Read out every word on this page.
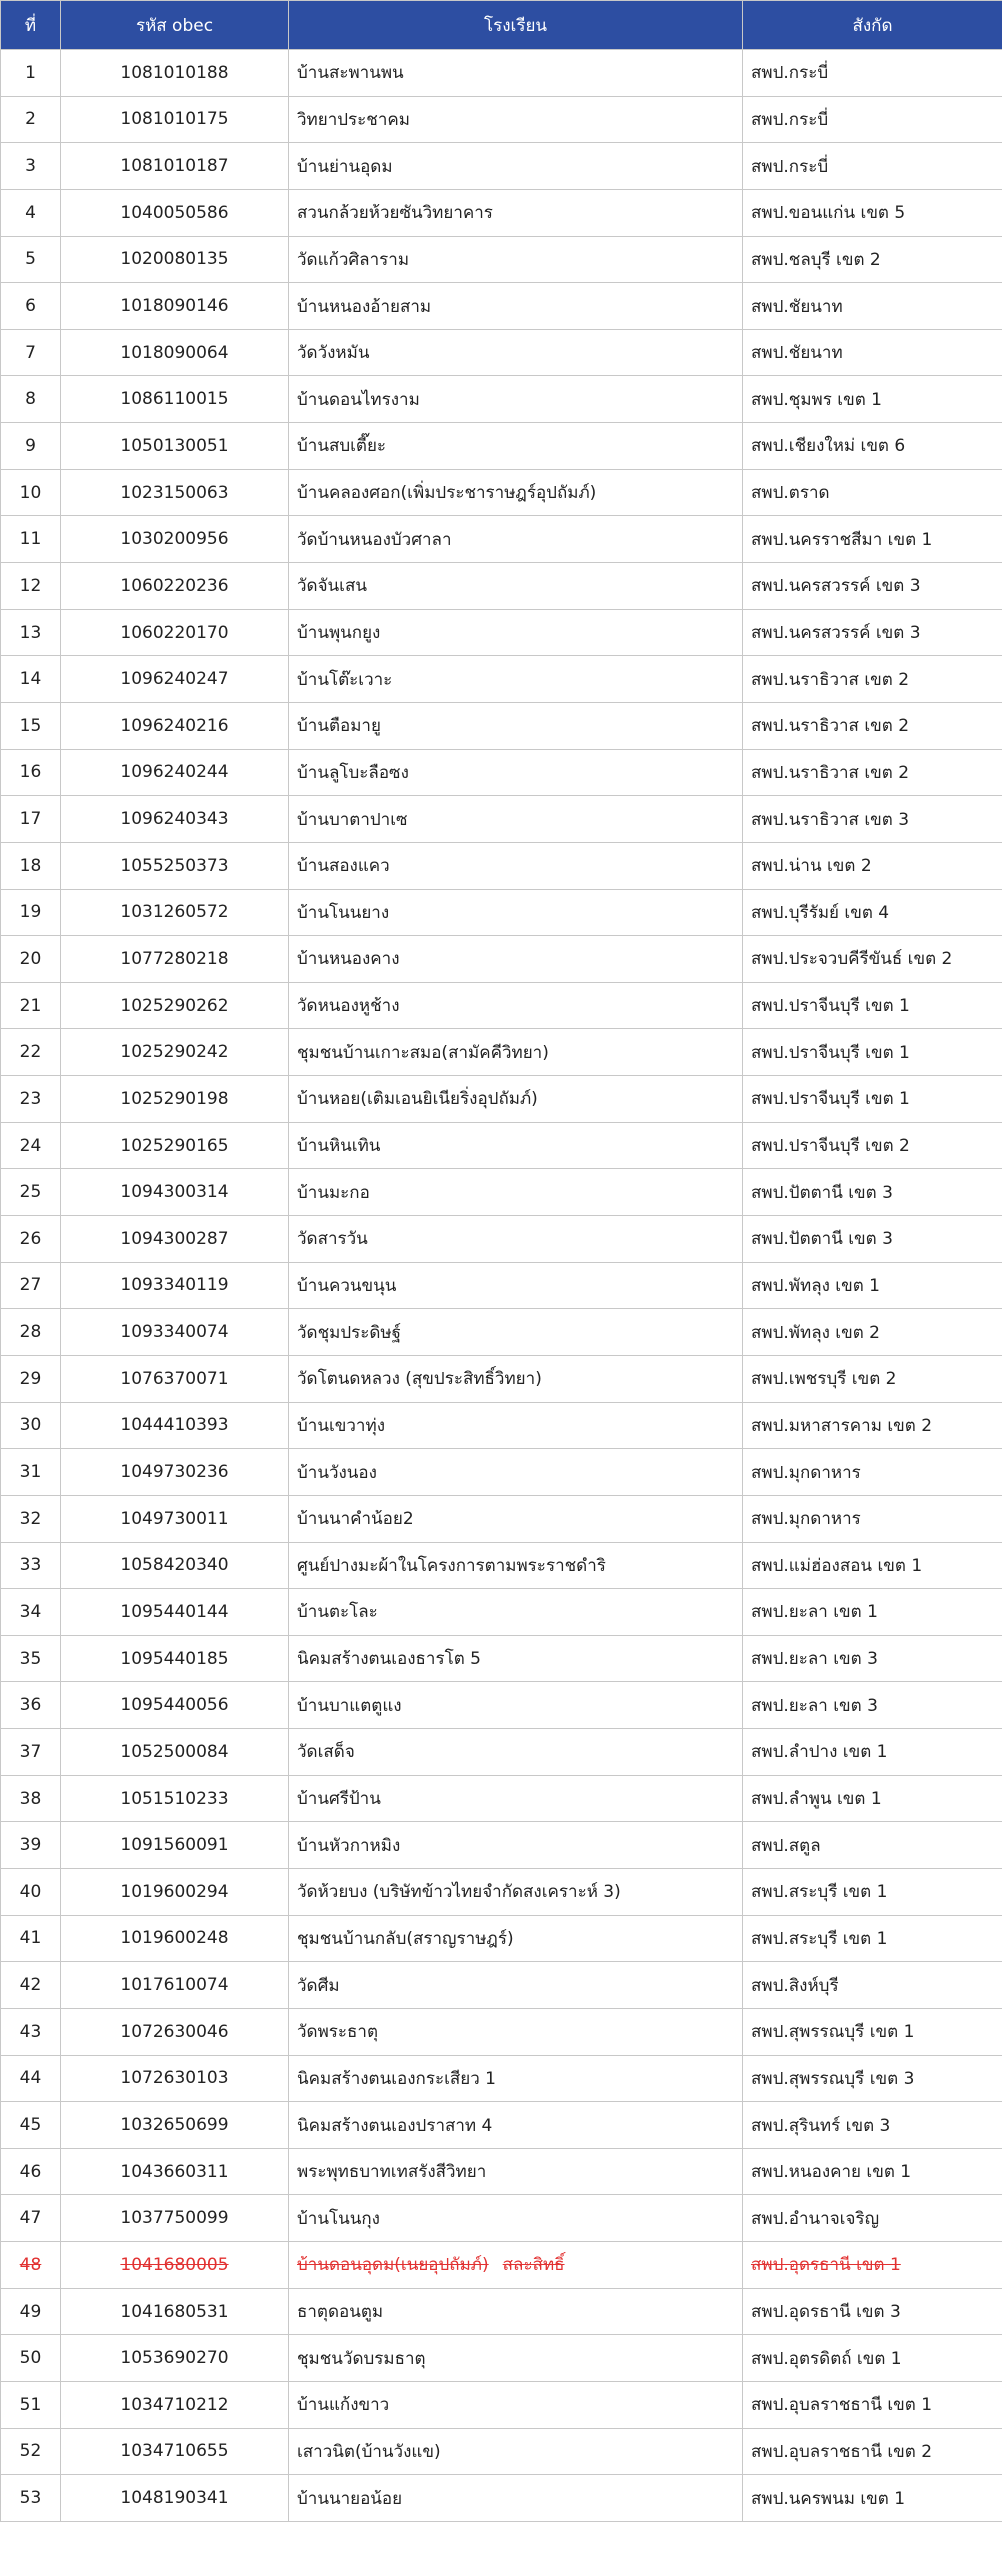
ที่	รหัส obec	โรงเรียน	สังกัด
1	1081010188	บ้านสะพานพน	สพป.กระบี่
2	1081010175	วิทยาประชาคม	สพป.กระบี่
3	1081010187	บ้านย่านอุดม	สพป.กระบี่
4	1040050586	สวนกล้วยห้วยซันวิทยาคาร	สพป.ขอนแก่น เขต 5
5	1020080135	วัดแก้วศิลาราม	สพป.ชลบุรี เขต 2
6	1018090146	บ้านหนองอ้ายสาม	สพป.ชัยนาท
7	1018090064	วัดวังหมัน	สพป.ชัยนาท
8	1086110015	บ้านดอนไทรงาม	สพป.ชุมพร เขต 1
9	1050130051	บ้านสบเตี๊ยะ	สพป.เชียงใหม่ เขต 6
10	1023150063	บ้านคลองศอก(เพิ่มประชาราษฎร์อุปถัมภ์)	สพป.ตราด
11	1030200956	วัดบ้านหนองบัวศาลา	สพป.นครราชสีมา เขต 1
12	1060220236	วัดจันเสน	สพป.นครสวรรค์ เขต 3
13	1060220170	บ้านพุนกยูง	สพป.นครสวรรค์ เขต 3
14	1096240247	บ้านโต๊ะเวาะ	สพป.นราธิวาส เขต 2
15	1096240216	บ้านตือมายู	สพป.นราธิวาส เขต 2
16	1096240244	บ้านลูโบะลือซง	สพป.นราธิวาส เขต 2
17	1096240343	บ้านบาตาปาเซ	สพป.นราธิวาส เขต 3
18	1055250373	บ้านสองแคว	สพป.น่าน เขต 2
19	1031260572	บ้านโนนยาง	สพป.บุรีรัมย์ เขต 4
20	1077280218	บ้านหนองคาง	สพป.ประจวบคีรีขันธ์ เขต 2
21	1025290262	วัดหนองหูช้าง	สพป.ปราจีนบุรี เขต 1
22	1025290242	ชุมชนบ้านเกาะสมอ(สามัคคีวิทยา)	สพป.ปราจีนบุรี เขต 1
23	1025290198	บ้านหอย(เติมเอนยิเนียริ่งอุปถัมภ์)	สพป.ปราจีนบุรี เขต 1
24	1025290165	บ้านหินเทิน	สพป.ปราจีนบุรี เขต 2
25	1094300314	บ้านมะกอ	สพป.ปัตตานี เขต 3
26	1094300287	วัดสารวัน	สพป.ปัตตานี เขต 3
27	1093340119	บ้านควนขนุน	สพป.พัทลุง เขต 1
28	1093340074	วัดชุมประดิษฐ์	สพป.พัทลุง เขต 2
29	1076370071	วัดโตนดหลวง (สุขประสิทธิ์วิทยา)	สพป.เพชรบุรี เขต 2
30	1044410393	บ้านเขวาทุ่ง	สพป.มหาสารคาม เขต 2
31	1049730236	บ้านวังนอง	สพป.มุกดาหาร
32	1049730011	บ้านนาคำน้อย2	สพป.มุกดาหาร
33	1058420340	ศูนย์ปางมะผ้าในโครงการตามพระราชดำริ	สพป.แม่ฮ่องสอน เขต 1
34	1095440144	บ้านตะโละ	สพป.ยะลา เขต 1
35	1095440185	นิคมสร้างตนเองธารโต 5	สพป.ยะลา เขต 3
36	1095440056	บ้านบาแตตูแง	สพป.ยะลา เขต 3
37	1052500084	วัดเสด็จ	สพป.ลำปาง เขต 1
38	1051510233	บ้านศรีป้าน	สพป.ลำพูน เขต 1
39	1091560091	บ้านหัวกาหมิง	สพป.สตูล
40	1019600294	วัดห้วยบง (บริษัทข้าวไทยจำกัดสงเคราะห์ 3)	สพป.สระบุรี เขต 1
41	1019600248	ชุมชนบ้านกลับ(สราญราษฎร์)	สพป.สระบุรี เขต 1
42	1017610074	วัดศีม	สพป.สิงห์บุรี
43	1072630046	วัดพระธาตุ	สพป.สุพรรณบุรี เขต 1
44	1072630103	นิคมสร้างตนเองกระเสียว 1	สพป.สุพรรณบุรี เขต 3
45	1032650699	นิคมสร้างตนเองปราสาท 4	สพป.สุรินทร์ เขต 3
46	1043660311	พระพุทธบาทเทสรังสีวิทยา	สพป.หนองคาย เขต 1
47	1037750099	บ้านโนนกุง	สพป.อำนาจเจริญ
48	1041680005	บ้านดอนอุดม(เนยอุปถัมภ์) สละสิทธิ์	สพป.อุดรธานี เขต 1
49	1041680531	ธาตุดอนตูม	สพป.อุดรธานี เขต 3
50	1053690270	ชุมชนวัดบรมธาตุ	สพป.อุตรดิตถ์ เขต 1
51	1034710212	บ้านแก้งขาว	สพป.อุบลราชธานี เขต 1
52	1034710655	เสาวนิต(บ้านวังแข)	สพป.อุบลราชธานี เขต 2
53	1048190341	บ้านนายอน้อย	สพป.นครพนม เขต 1
